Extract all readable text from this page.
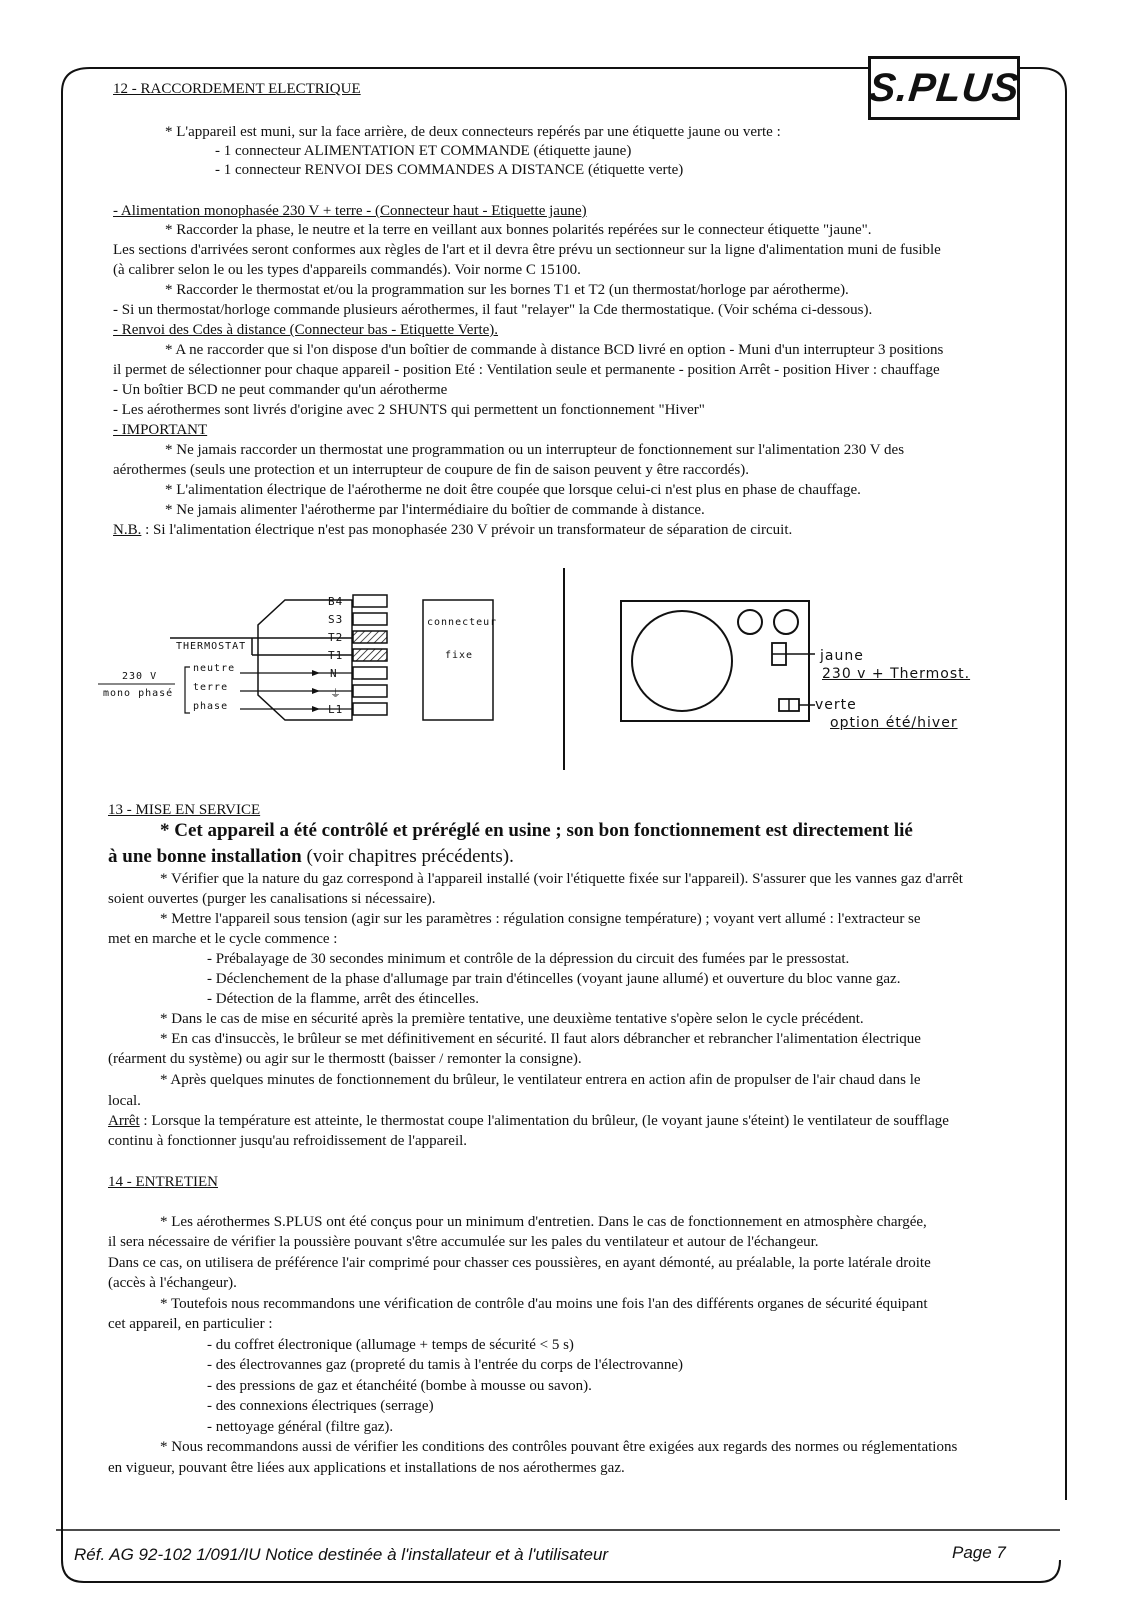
S.PLUS
12 - RACCORDEMENT ELECTRIQUE
* L'appareil est muni, sur la face arrière, de deux connecteurs repérés par une étiquette jaune ou verte :
- 1 connecteur ALIMENTATION ET COMMANDE (étiquette jaune)
- 1 connecteur RENVOI DES COMMANDES A DISTANCE (étiquette verte)
- Alimentation monophasée 230 V + terre - (Connecteur haut - Etiquette jaune)
* Raccorder la phase, le neutre et la terre en veillant aux bonnes polarités repérées sur le connecteur étiquette "jaune".
Les sections d'arrivées seront conformes aux règles de l'art et il devra être prévu un sectionneur sur la ligne d'alimentation muni de fusible
(à calibrer selon le ou les types d'appareils commandés). Voir norme C 15100.
* Raccorder le thermostat et/ou la programmation sur les bornes T1 et T2 (un thermostat/horloge par aérotherme).
- Si un thermostat/horloge commande plusieurs aérothermes, il faut "relayer" la Cde thermostatique. (Voir schéma ci-dessous).
- Renvoi des Cdes à distance (Connecteur bas - Etiquette Verte).
* A ne raccorder que si l'on dispose d'un boîtier de commande à distance BCD livré en option - Muni d'un interrupteur 3 positions
il permet de sélectionner pour chaque appareil - position Eté : Ventilation seule et permanente - position Arrêt - position Hiver : chauffage
- Un boîtier BCD ne peut commander qu'un aérotherme
- Les aérothermes sont livrés d'origine avec 2 SHUNTS qui permettent un fonctionnement "Hiver"
- IMPORTANT
* Ne jamais raccorder un thermostat une programmation ou un interrupteur de fonctionnement sur l'alimentation 230 V des
aérothermes (seuls une protection et un interrupteur de coupure de fin de saison peuvent y être raccordés).
* L'alimentation électrique de l'aérotherme ne doit être coupée que lorsque celui-ci n'est plus en phase de chauffage.
* Ne jamais alimenter l'aérotherme par l'intermédiaire du boîtier de commande à distance.
N.B. : Si l'alimentation électrique n'est pas monophasée 230 V prévoir un transformateur de séparation de circuit.
B4
S3
T2
T1
N
⏚
L1
connecteur
fixe
THERMOSTAT
230 V
mono phasé
neutre
terre
phase
jaune
230 v + Thermost.
verte
option été/hiver
13 - MISE EN SERVICE
* Cet appareil a été contrôlé et préréglé en usine ; son bon fonctionnement est directement lié
à une bonne installation (voir chapitres précédents).
* Vérifier que la nature du gaz correspond à l'appareil installé (voir l'étiquette fixée sur l'appareil). S'assurer que les vannes gaz d'arrêt
soient ouvertes (purger les canalisations si nécessaire).
* Mettre l'appareil sous tension (agir sur les paramètres : régulation consigne température) ; voyant vert allumé : l'extracteur se
met en marche et le cycle commence :
- Prébalayage de 30 secondes minimum et contrôle de la dépression du circuit des fumées par le pressostat.
- Déclenchement de la phase d'allumage par train d'étincelles (voyant jaune allumé) et ouverture du bloc vanne gaz.
- Détection de la flamme, arrêt des étincelles.
* Dans le cas de mise en sécurité après la première tentative, une deuxième tentative s'opère selon le cycle précédent.
* En cas d'insuccès, le brûleur se met définitivement en sécurité. Il faut alors débrancher et rebrancher l'alimentation électrique
(réarment du système) ou agir sur le thermostt (baisser / remonter la consigne).
* Après quelques minutes de fonctionnement du brûleur, le ventilateur entrera en action afin de propulser de l'air chaud dans le
local.
Arrêt : Lorsque la température est atteinte, le thermostat coupe l'alimentation du brûleur, (le voyant jaune s'éteint) le ventilateur de soufflage
continu à fonctionner jusqu'au refroidissement de l'appareil.
14 - ENTRETIEN
* Les aérothermes S.PLUS ont été conçus pour un minimum d'entretien. Dans le cas de fonctionnement en atmosphère chargée,
il sera nécessaire de vérifier la poussière pouvant s'être accumulée sur les pales du ventilateur et autour de l'échangeur.
Dans ce cas, on utilisera de préférence l'air comprimé pour chasser ces poussières, en ayant démonté, au préalable, la porte latérale droite
(accès à l'échangeur).
* Toutefois nous recommandons une vérification de contrôle d'au moins une fois l'an des différents organes de sécurité équipant
cet appareil, en particulier :
- du coffret électronique (allumage + temps de sécurité < 5 s)
- des électrovannes gaz (propreté du tamis à l'entrée du corps de l'électrovanne)
- des pressions de gaz et étanchéité (bombe à mousse ou savon).
- des connexions électriques (serrage)
- nettoyage général (filtre gaz).
* Nous recommandons aussi de vérifier les conditions des contrôles pouvant être exigées aux regards des normes ou réglementations
en vigueur, pouvant être liées aux applications et installations de nos aérothermes gaz.
Réf. AG 92-102 1/091/IU Notice destinée à l'installateur et à l'utilisateur	Page 7
